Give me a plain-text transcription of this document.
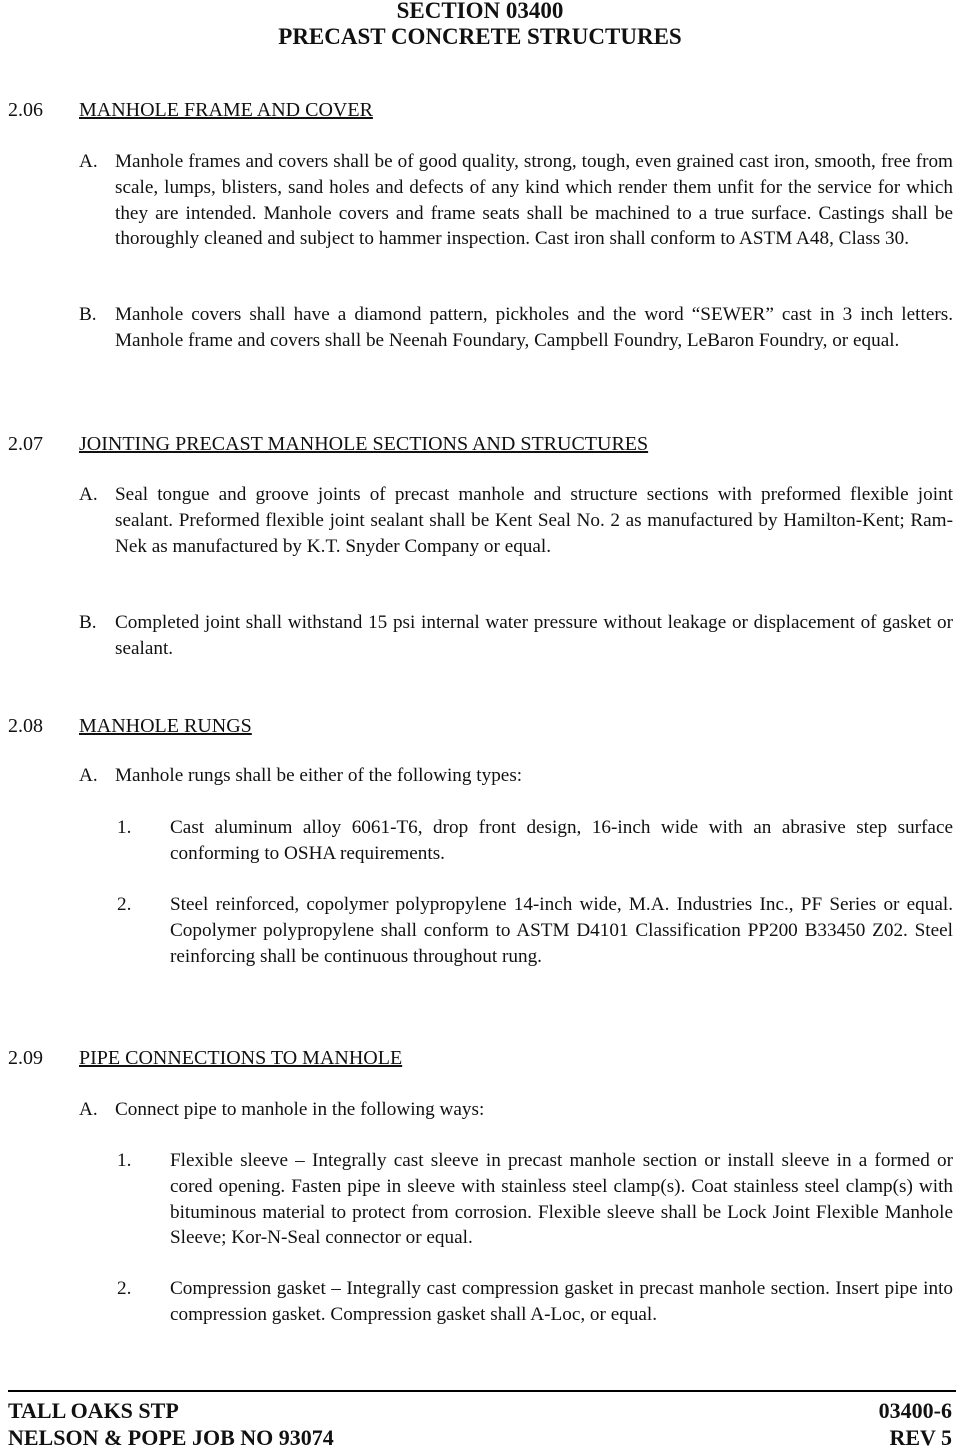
SECTION 03400
PRECAST CONCRETE STRUCTURES
2.06 MANHOLE FRAME AND COVER
A. Manhole frames and covers shall be of good quality, strong, tough, even grained cast iron, smooth, free from scale, lumps, blisters, sand holes and defects of any kind which render them unfit for the service for which they are intended. Manhole covers and frame seats shall be machined to a true surface. Castings shall be thoroughly cleaned and subject to hammer inspection. Cast iron shall conform to ASTM A48, Class 30.
B. Manhole covers shall have a diamond pattern, pickholes and the word “SEWER” cast in 3 inch letters. Manhole frame and covers shall be Neenah Foundary, Campbell Foundry, LeBaron Foundry, or equal.
2.07 JOINTING PRECAST MANHOLE SECTIONS AND STRUCTURES
A. Seal tongue and groove joints of precast manhole and structure sections with preformed flexible joint sealant. Preformed flexible joint sealant shall be Kent Seal No. 2 as manufactured by Hamilton-Kent; Ram-Nek as manufactured by K.T. Snyder Company or equal.
B. Completed joint shall withstand 15 psi internal water pressure without leakage or displacement of gasket or sealant.
2.08 MANHOLE RUNGS
A. Manhole rungs shall be either of the following types:
1. Cast aluminum alloy 6061-T6, drop front design, 16-inch wide with an abrasive step surface conforming to OSHA requirements.
2. Steel reinforced, copolymer polypropylene 14-inch wide, M.A. Industries Inc., PF Series or equal. Copolymer polypropylene shall conform to ASTM D4101 Classification PP200 B33450 Z02. Steel reinforcing shall be continuous throughout rung.
2.09 PIPE CONNECTIONS TO MANHOLE
A. Connect pipe to manhole in the following ways:
1. Flexible sleeve – Integrally cast sleeve in precast manhole section or install sleeve in a formed or cored opening. Fasten pipe in sleeve with stainless steel clamp(s). Coat stainless steel clamp(s) with bituminous material to protect from corrosion. Flexible sleeve shall be Lock Joint Flexible Manhole Sleeve; Kor-N-Seal connector or equal.
2. Compression gasket – Integrally cast compression gasket in precast manhole section. Insert pipe into compression gasket. Compression gasket shall A-Loc, or equal.
TALL OAKS STP
NELSON & POPE JOB NO 93074
03400-6
REV 5
